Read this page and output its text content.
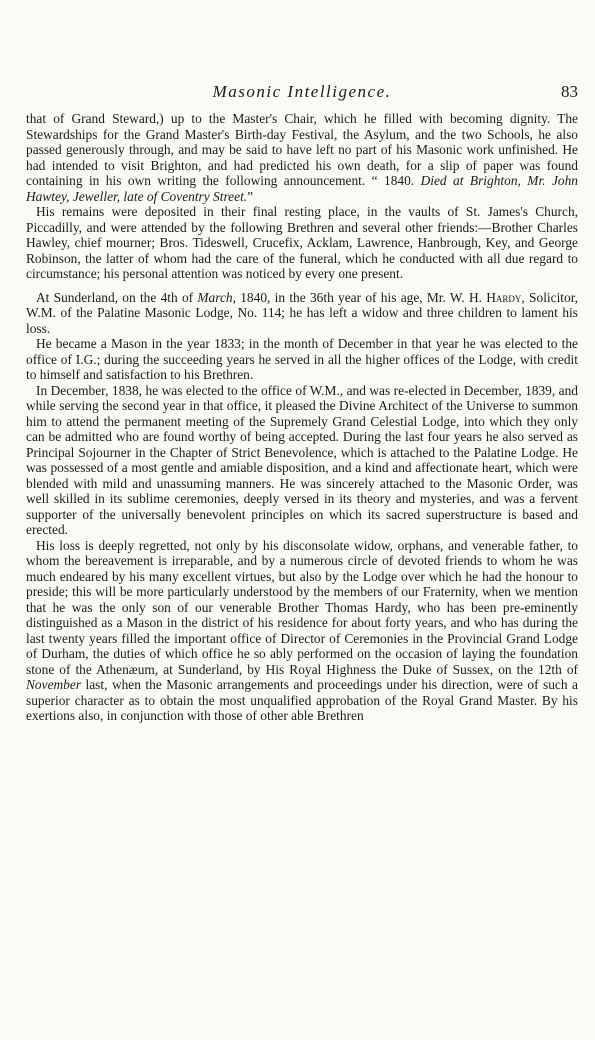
Masonic Intelligence.	83

that of Grand Steward,) up to the Master's Chair, which he filled with becoming dignity. The Stewardships for the Grand Master's Birth-day Festival, the Asylum, and the two Schools, he also passed generously through, and may be said to have left no part of his Masonic work unfinished. He had intended to visit Brighton, and had predicted his own death, for a slip of paper was found containing in his own writing the following announcement. “ 1840. Died at Brighton, Mr. John Hawtey, Jeweller, late of Coventry Street.”

His remains were deposited in their final resting place, in the vaults of St. James's Church, Piccadilly, and were attended by the following Brethren and several other friends:—Brother Charles Hawley, chief mourner; Bros. Tideswell, Crucefix, Acklam, Lawrence, Hanbrough, Key, and George Robinson, the latter of whom had the care of the funeral, which he conducted with all due regard to circumstance; his personal attention was noticed by every one present.

At Sunderland, on the 4th of March, 1840, in the 36th year of his age, Mr. W. H. Hardy, Solicitor, W.M. of the Palatine Masonic Lodge, No. 114; he has left a widow and three children to lament his loss.

He became a Mason in the year 1833; in the month of December in that year he was elected to the office of I.G.; during the succeeding years he served in all the higher offices of the Lodge, with credit to himself and satisfaction to his Brethren.

In December, 1838, he was elected to the office of W.M., and was re-elected in December, 1839, and while serving the second year in that office, it pleased the Divine Architect of the Universe to summon him to attend the permanent meeting of the Supremely Grand Celestial Lodge, into which they only can be admitted who are found worthy of being accepted. During the last four years he also served as Principal Sojourner in the Chapter of Strict Benevolence, which is attached to the Palatine Lodge. He was possessed of a most gentle and amiable disposition, and a kind and affectionate heart, which were blended with mild and unassuming manners. He was sincerely attached to the Masonic Order, was well skilled in its sublime ceremonies, deeply versed in its theory and mysteries, and was a fervent supporter of the universally benevolent principles on which its sacred superstructure is based and erected.

His loss is deeply regretted, not only by his disconsolate widow, orphans, and venerable father, to whom the bereavement is irreparable, and by a numerous circle of devoted friends to whom he was much endeared by his many excellent virtues, but also by the Lodge over which he had the honour to preside; this will be more particularly understood by the members of our Fraternity, when we mention that he was the only son of our venerable Brother Thomas Hardy, who has been pre-eminently distinguished as a Mason in the district of his residence for about forty years, and who has during the last twenty years filled the important office of Director of Ceremonies in the Provincial Grand Lodge of Durham, the duties of which office he so ably performed on the occasion of laying the foundation stone of the Athenæum, at Sunderland, by His Royal Highness the Duke of Sussex, on the 12th of November last, when the Masonic arrangements and proceedings under his direction, were of such a superior character as to obtain the most unqualified approbation of the Royal Grand Master. By his exertions also, in conjunction with those of other able Brethren
